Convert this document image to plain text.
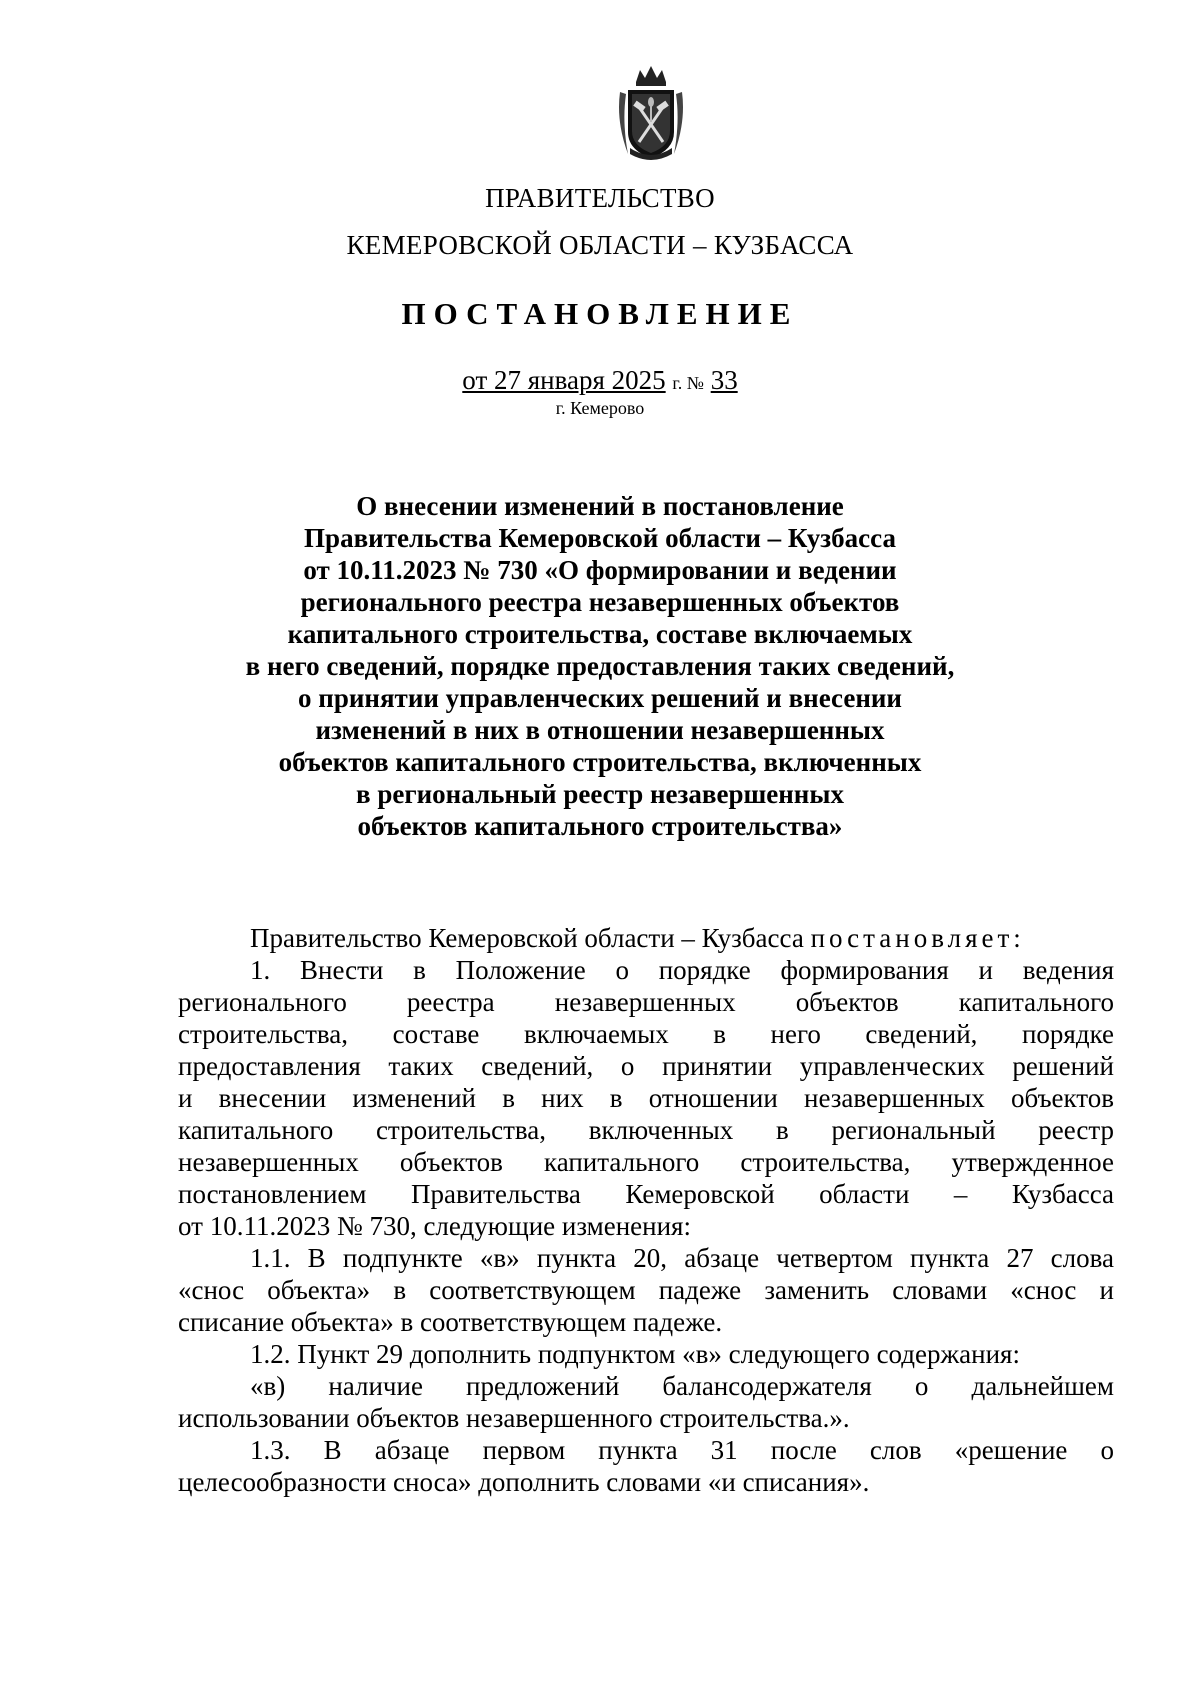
ПРАВИТЕЛЬСТВО
КЕМЕРОВСКОЙ ОБЛАСТИ – КУЗБАССА
ПОСТАНОВЛЕНИЕ
от 27 января 2025 г. № 33
г. Кемерово
О внесении изменений в постановление
Правительства Кемеровской области – Кузбасса
от 10.11.2023 № 730 «О формировании и ведении
регионального реестра незавершенных объектов
капитального строительства, составе включаемых
в него сведений, порядке предоставления таких сведений,
о принятии управленческих решений и внесении
изменений в них в отношении незавершенных
объектов капитального строительства, включенных
в региональный реестр незавершенных
объектов капитального строительства»
Правительство Кемеровской области – Кузбасса постановляет:
1. Внести в Положение о порядке формирования и ведения
регионального реестра незавершенных объектов капитального
строительства, составе включаемых в него сведений, порядке
предоставления таких сведений, о принятии управленческих решений
и внесении изменений в них в отношении незавершенных объектов
капитального строительства, включенных в региональный реестр
незавершенных объектов капитального строительства, утвержденное
постановлением Правительства Кемеровской области – Кузбасса
от 10.11.2023 № 730, следующие изменения:
1.1. В подпункте «в» пункта 20, абзаце четвертом пункта 27 слова
«снос объекта» в соответствующем падеже заменить словами «снос и
списание объекта» в соответствующем падеже.
1.2. Пункт 29 дополнить подпунктом «в» следующего содержания:
«в) наличие предложений балансодержателя о дальнейшем
использовании объектов незавершенного строительства.».
1.3. В абзаце первом пункта 31 после слов «решение о
целесообразности сноса» дополнить словами «и списания».
